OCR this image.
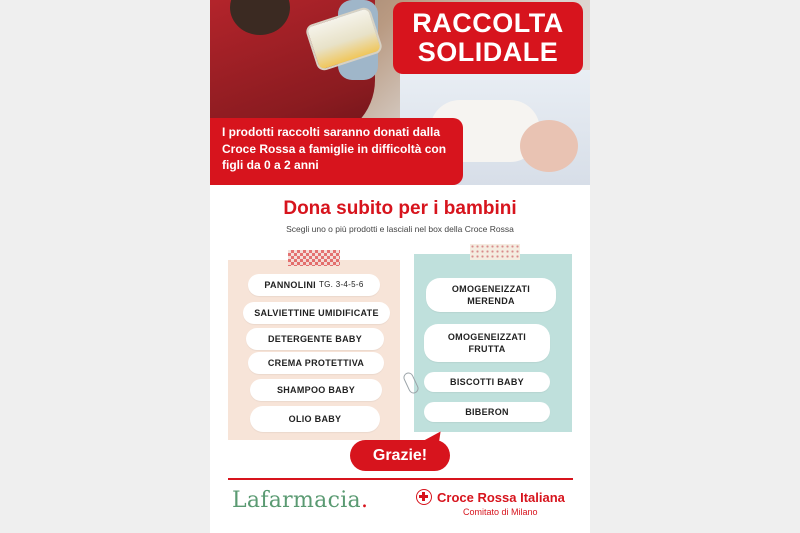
RACCOLTA
SOLIDALE

I prodotti raccolti saranno donati dalla Croce Rossa a famiglie in difficoltà con figli da 0 a 2 anni

Dona subito per i bambini
Scegli uno o più prodotti e lasciali nel box della Croce Rossa
PANNOLINI TG. 3-4-5-6
SALVIETTINE UMIDIFICATE
DETERGENTE BABY
CREMA PROTETTIVA
SHAMPOO BABY
OLIO BABY
OMOGENEIZZATI
MERENDA
OMOGENEIZZATI
FRUTTA
BISCOTTI BABY
BIBERON
Grazie!
Lafarmacia.	Croce Rossa Italiana
Comitato di Milano
